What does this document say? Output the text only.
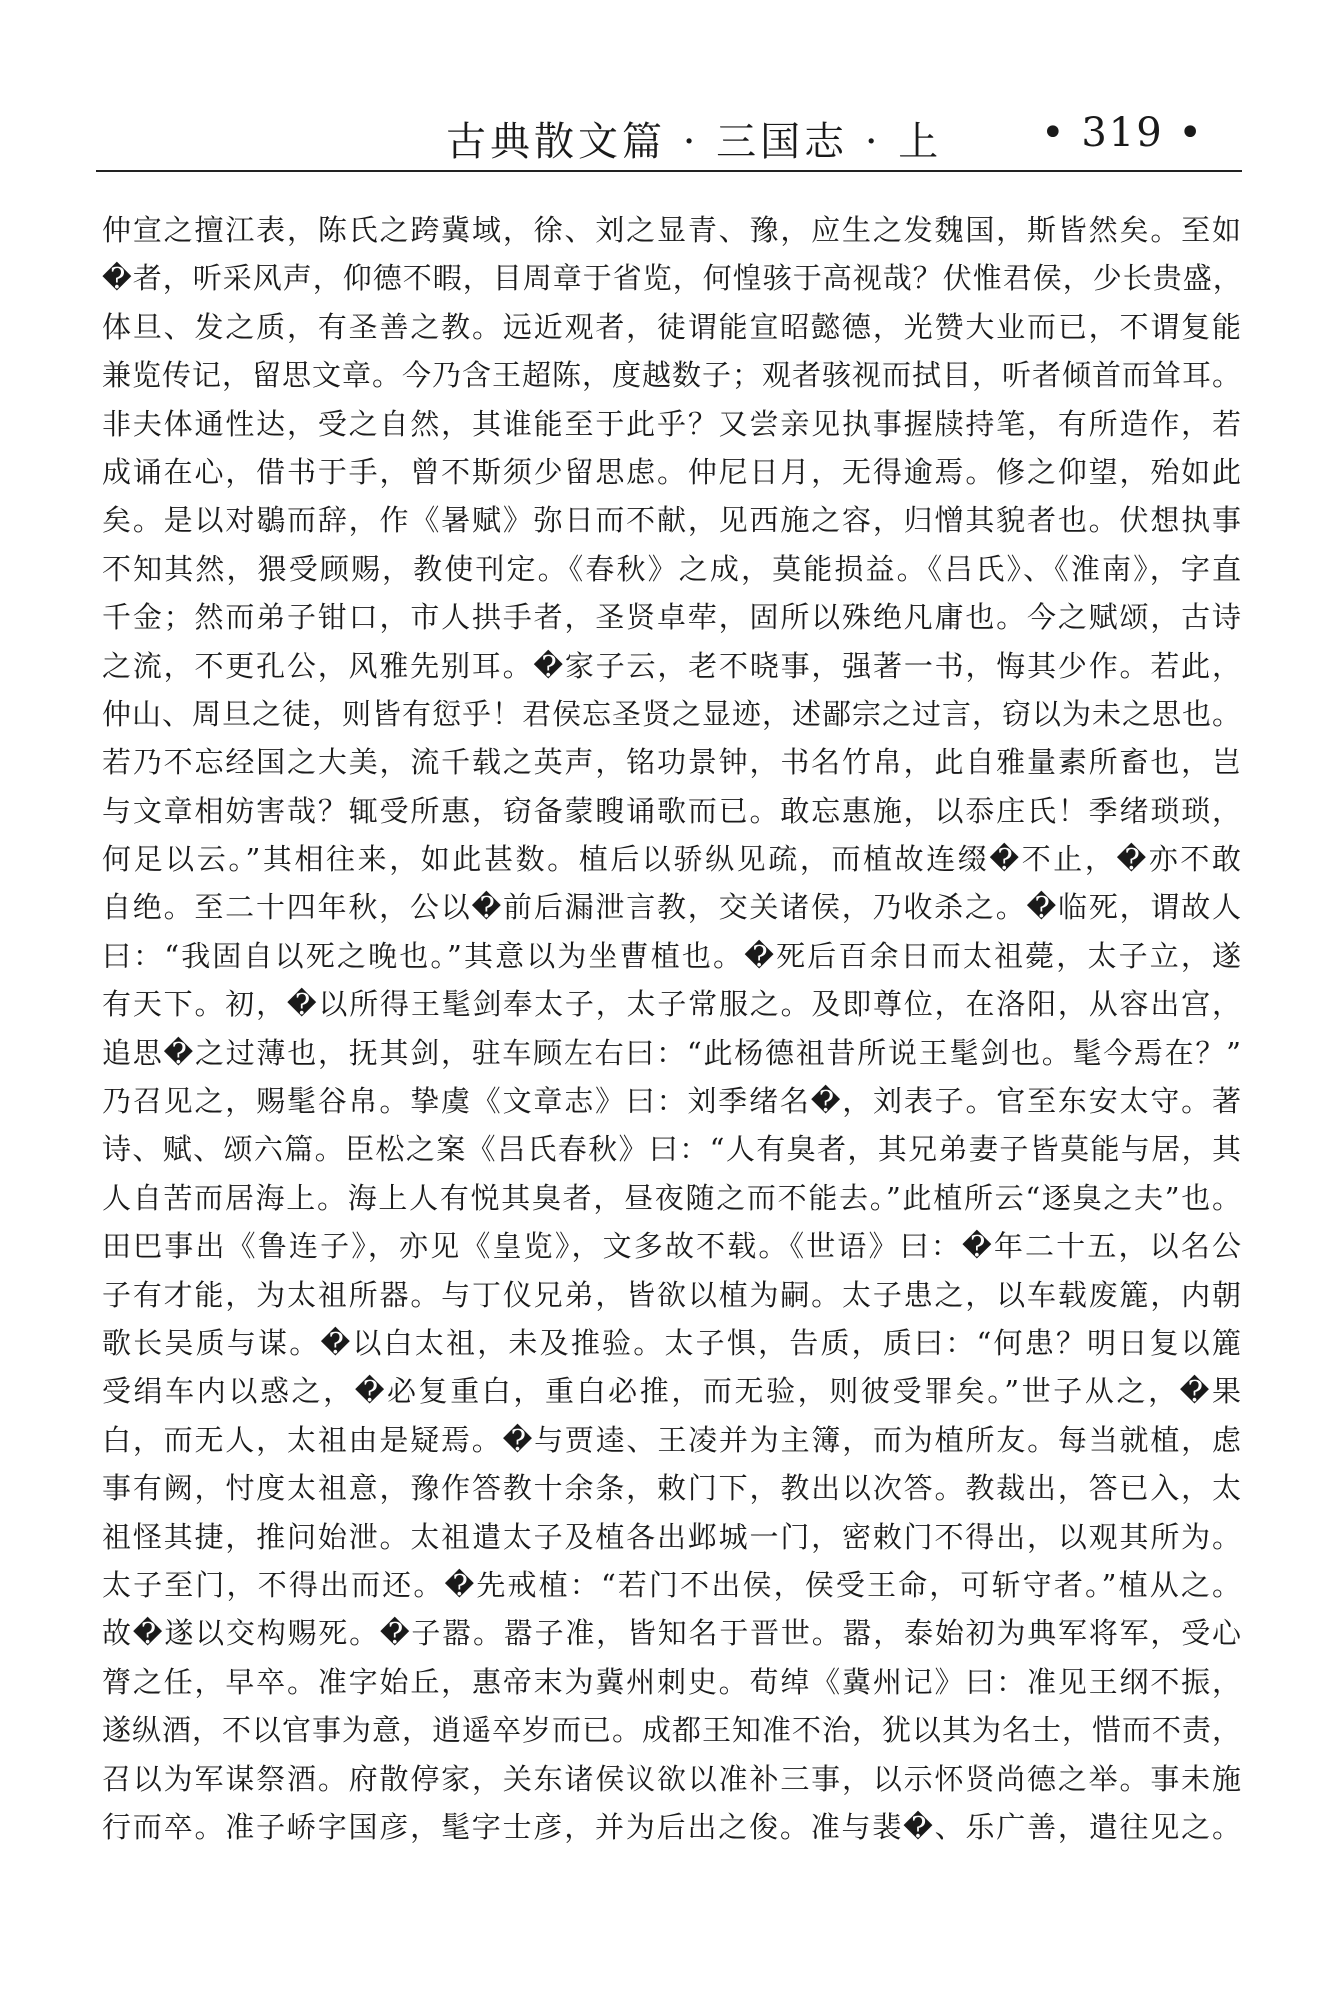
古典散文篇 · 三国志 · 上 • 319 •
仲宣之擅江表，陈氏之跨冀域，徐、刘之显青、豫，应生之发魏国，斯皆然矣。至如
�者，听采风声，仰德不暇，目周章于省览，何惶骇于高视哉？伏惟君侯，少长贵盛，
体旦、发之质，有圣善之教。远近观者，徒谓能宣昭懿德，光赞大业而已，不谓复能
兼览传记，留思文章。今乃含王超陈，度越数子；观者骇视而拭目，听者倾首而耸耳。
非夫体通性达，受之自然，其谁能至于此乎？又尝亲见执事握牍持笔，有所造作，若
成诵在心，借书于手，曾不斯须少留思虑。仲尼日月，无得逾焉。修之仰望，殆如此
矣。是以对鶡而辞，作《暑赋》弥日而不献，见西施之容，归憎其貌者也。伏想执事
不知其然，猥受顾赐，教使刊定。《春秋》之成，莫能损益。《吕氏》、《淮南》，字直
千金；然而弟子钳口，市人拱手者，圣贤卓荦，固所以殊绝凡庸也。今之赋颂，古诗
之流，不更孔公，风雅先别耳。�家子云，老不晓事，强著一书，悔其少作。若此，
仲山、周旦之徒，则皆有愆乎！君侯忘圣贤之显迹，述鄙宗之过言，窃以为未之思也。
若乃不忘经国之大美，流千载之英声，铭功景钟，书名竹帛，此自雅量素所畜也，岂
与文章相妨害哉？辄受所惠，窃备蒙瞍诵歌而已。敢忘惠施，以忝庄氏！季绪琐琐，
何足以云。”其相往来，如此甚数。植后以骄纵见疏，而植故连缀�不止，�亦不敢
自绝。至二十四年秋，公以�前后漏泄言教，交关诸侯，乃收杀之。�临死，谓故人
曰：“我固自以死之晚也。”其意以为坐曹植也。�死后百余日而太祖薨，太子立，遂
有天下。初，�以所得王髦剑奉太子，太子常服之。及即尊位，在洛阳，从容出宫，
追思�之过薄也，抚其剑，驻车顾左右曰：“此杨德祖昔所说王髦剑也。髦今焉在？”
乃召见之，赐髦谷帛。挚虞《文章志》曰：刘季绪名�，刘表子。官至东安太守。著
诗、赋、颂六篇。臣松之案《吕氏春秋》曰：“人有臭者，其兄弟妻子皆莫能与居，其
人自苦而居海上。海上人有悦其臭者，昼夜随之而不能去。”此植所云“逐臭之夫”也。
田巴事出《鲁连子》，亦见《皇览》，文多故不载。《世语》曰：�年二十五，以名公
子有才能，为太祖所器。与丁仪兄弟，皆欲以植为嗣。太子患之，以车载废簏，内朝
歌长吴质与谋。�以白太祖，未及推验。太子惧，告质，质曰：“何患？明日复以簏
受绢车内以惑之，�必复重白，重白必推，而无验，则彼受罪矣。”世子从之，�果
白，而无人，太祖由是疑焉。�与贾逵、王凌并为主簿，而为植所友。每当就植，虑
事有阙，忖度太祖意，豫作答教十余条，敕门下，教出以次答。教裁出，答已入，太
祖怪其捷，推问始泄。太祖遣太子及植各出邺城一门，密敕门不得出，以观其所为。
太子至门，不得出而还。�先戒植：“若门不出侯，侯受王命，可斩守者。”植从之。
故�遂以交构赐死。�子嚣。嚣子准，皆知名于晋世。嚣，泰始初为典军将军，受心
膂之任，早卒。准字始丘，惠帝末为冀州刺史。荀绰《冀州记》曰：准见王纲不振，
遂纵酒，不以官事为意，逍遥卒岁而已。成都王知准不治，犹以其为名士，惜而不责，
召以为军谋祭酒。府散停家，关东诸侯议欲以准补三事，以示怀贤尚德之举。事未施
行而卒。准子峤字国彦，髦字士彦，并为后出之俊。准与裴�、乐广善，遣往见之。
